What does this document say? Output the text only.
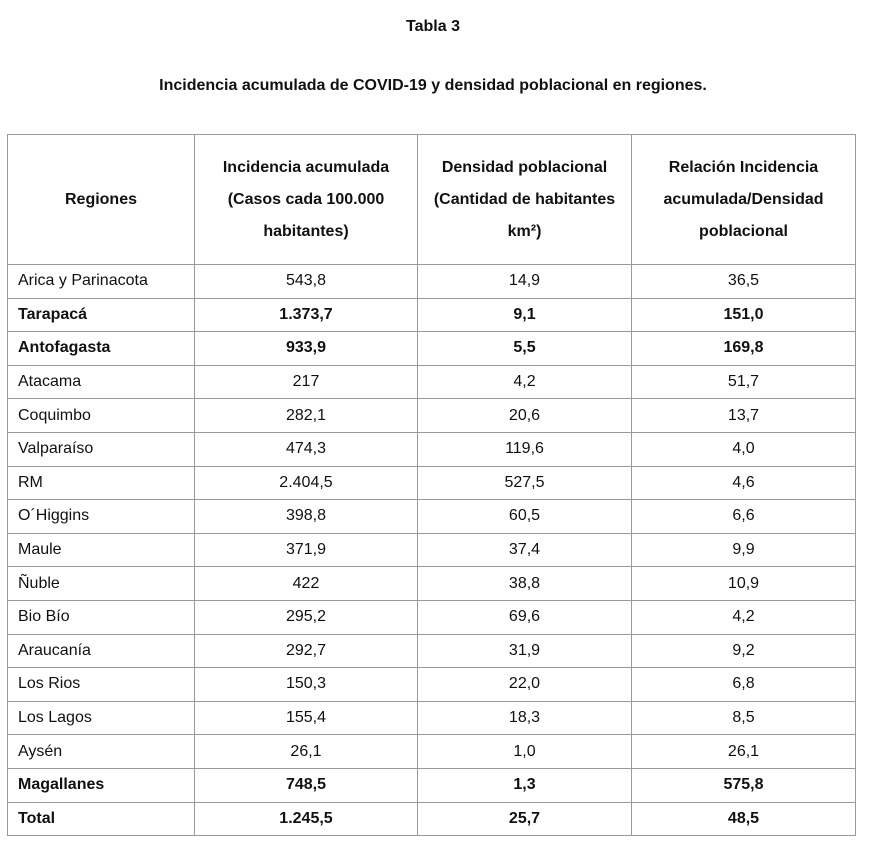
Tabla 3
Incidencia acumulada de COVID-19 y densidad poblacional en regiones.
Regiones	Incidencia acumulada (Casos cada 100.000 habitantes)	Densidad poblacional (Cantidad de habitantes km²)	Relación Incidencia acumulada/Densidad poblacional
Arica y Parinacota	543,8	14,9	36,5
Tarapacá	1.373,7	9,1	151,0
Antofagasta	933,9	5,5	169,8
Atacama	217	4,2	51,7
Coquimbo	282,1	20,6	13,7
Valparaíso	474,3	119,6	4,0
RM	2.404,5	527,5	4,6
O´Higgins	398,8	60,5	6,6
Maule	371,9	37,4	9,9
Ñuble	422	38,8	10,9
Bio Bío	295,2	69,6	4,2
Araucanía	292,7	31,9	9,2
Los Rios	150,3	22,0	6,8
Los Lagos	155,4	18,3	8,5
Aysén	26,1	1,0	26,1
Magallanes	748,5	1,3	575,8
Total	1.245,5	25,7	48,5
